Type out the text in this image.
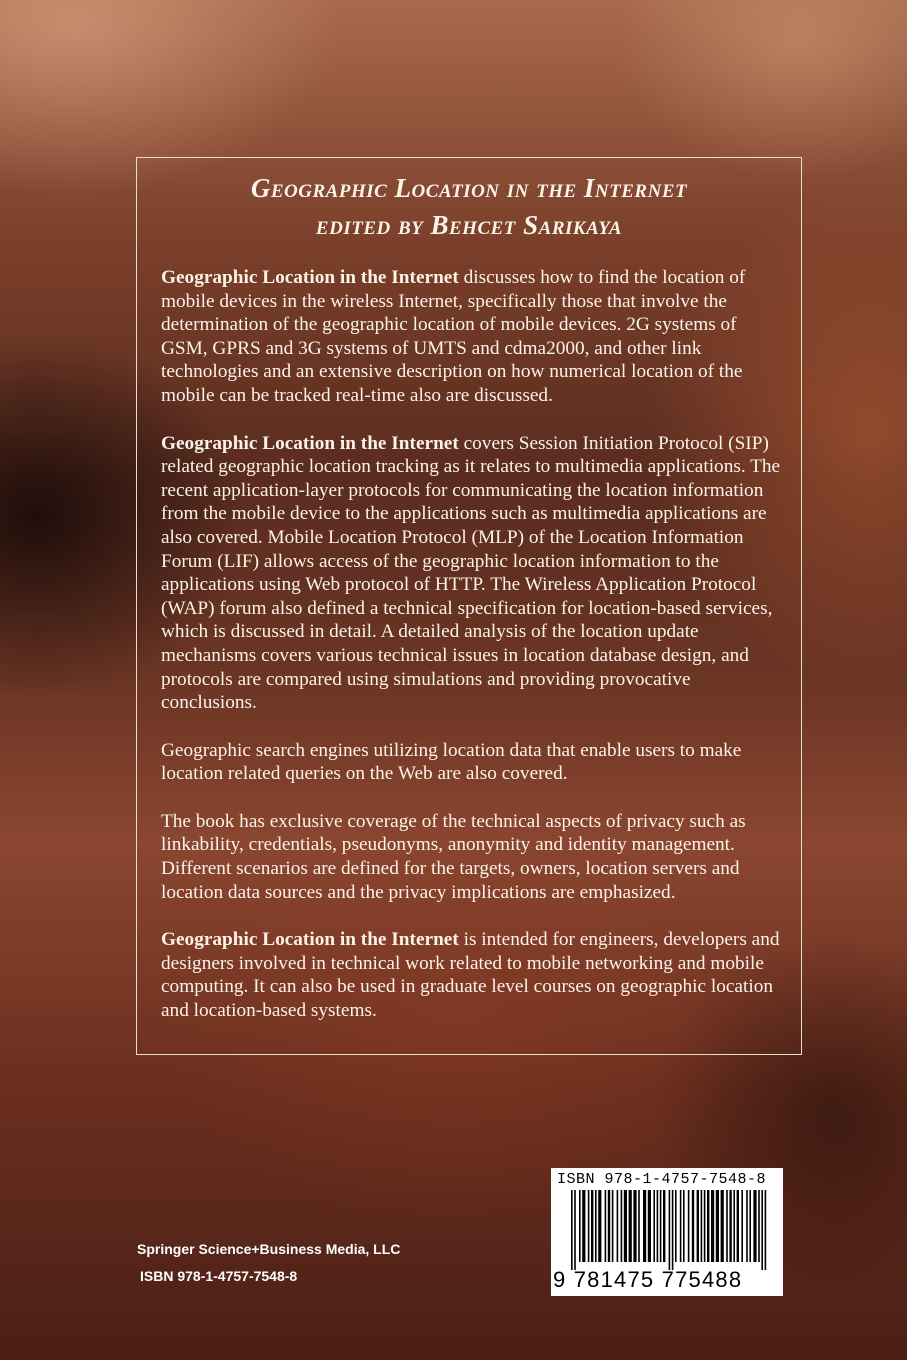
Geographic Location in the Internet
edited by Behcet Sarikaya

Geographic Location in the Internet discusses how to find the location of mobile devices in the wireless Internet, specifically those that involve the determination of the geographic location of mobile devices. 2G systems of GSM, GPRS and 3G systems of UMTS and cdma2000, and other link technologies and an extensive description on how numerical location of the mobile can be tracked real-time also are discussed.

Geographic Location in the Internet covers Session Initiation Protocol (SIP) related geographic location tracking as it relates to multimedia applications. The recent application-layer protocols for communicating the location information from the mobile device to the applications such as multimedia applications are also covered. Mobile Location Protocol (MLP) of the Location Information Forum (LIF) allows access of the geographic location information to the applications using Web protocol of HTTP. The Wireless Application Protocol (WAP) forum also defined a technical specification for location-based services, which is discussed in detail. A detailed analysis of the location update mechanisms covers various technical issues in location database design, and protocols are compared using simulations and providing provocative conclusions.

Geographic search engines utilizing location data that enable users to make location related queries on the Web are also covered.

The book has exclusive coverage of the technical aspects of privacy such as linkability, credentials, pseudonyms, anonymity and identity management. Different scenarios are defined for the targets, owners, location servers and location data sources and the privacy implications are emphasized.

Geographic Location in the Internet is intended for engineers, developers and designers involved in technical work related to mobile networking and mobile computing. It can also be used in graduate level courses on geographic location and location-based systems.

Springer Science+Business Media, LLC
ISBN 978-1-4757-7548-8
ISBN 978-1-4757-7548-8
9 781475 775488
